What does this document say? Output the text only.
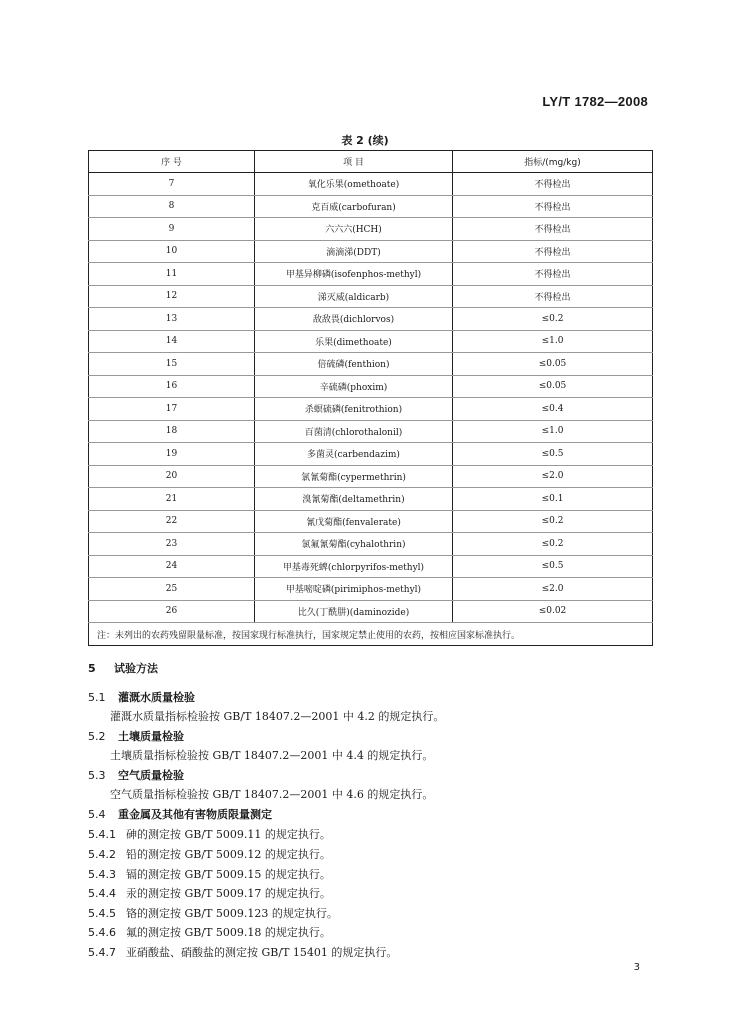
LY/T 1782—2008
表 2 (续)
序 号	项 目	指标/(mg/kg)
7	氧化乐果(omethoate)	不得检出
8	克百威(carbofuran)	不得检出
9	六六六(HCH)	不得检出
10	滴滴涕(DDT)	不得检出
11	甲基异柳磷(isofenphos-methyl)	不得检出
12	涕灭威(aldicarb)	不得检出
13	敌敌畏(dichlorvos)	≤0.2
14	乐果(dimethoate)	≤1.0
15	倍硫磷(fenthion)	≤0.05
16	辛硫磷(phoxim)	≤0.05
17	杀螟硫磷(fenitrothion)	≤0.4
18	百菌清(chlorothalonil)	≤1.0
19	多菌灵(carbendazim)	≤0.5
20	氯氰菊酯(cypermethrin)	≤2.0
21	溴氰菊酯(deltamethrin)	≤0.1
22	氰戊菊酯(fenvalerate)	≤0.2
23	氯氟氰菊酯(cyhalothrin)	≤0.2
24	甲基毒死蜱(chlorpyrifos-methyl)	≤0.5
25	甲基嘧啶磷(pirimiphos-methyl)	≤2.0
26	比久(丁酰肼)(daminozide)	≤0.02
注：未列出的农药残留限量标准，按国家现行标准执行，国家规定禁止使用的农药，按相应国家标准执行。		
5 试验方法
5.1 灌溉水质量检验
灌溉水质量指标检验按 GB/T 18407.2—2001 中 4.2 的规定执行。
5.2 土壤质量检验
土壤质量指标检验按 GB/T 18407.2—2001 中 4.4 的规定执行。
5.3 空气质量检验
空气质量指标检验按 GB/T 18407.2—2001 中 4.6 的规定执行。
5.4 重金属及其他有害物质限量测定
5.4.1 砷的测定按 GB/T 5009.11 的规定执行。
5.4.2 铅的测定按 GB/T 5009.12 的规定执行。
5.4.3 镉的测定按 GB/T 5009.15 的规定执行。
5.4.4 汞的测定按 GB/T 5009.17 的规定执行。
5.4.5 铬的测定按 GB/T 5009.123 的规定执行。
5.4.6 氟的测定按 GB/T 5009.18 的规定执行。
5.4.7 亚硝酸盐、硝酸盐的测定按 GB/T 15401 的规定执行。
3
